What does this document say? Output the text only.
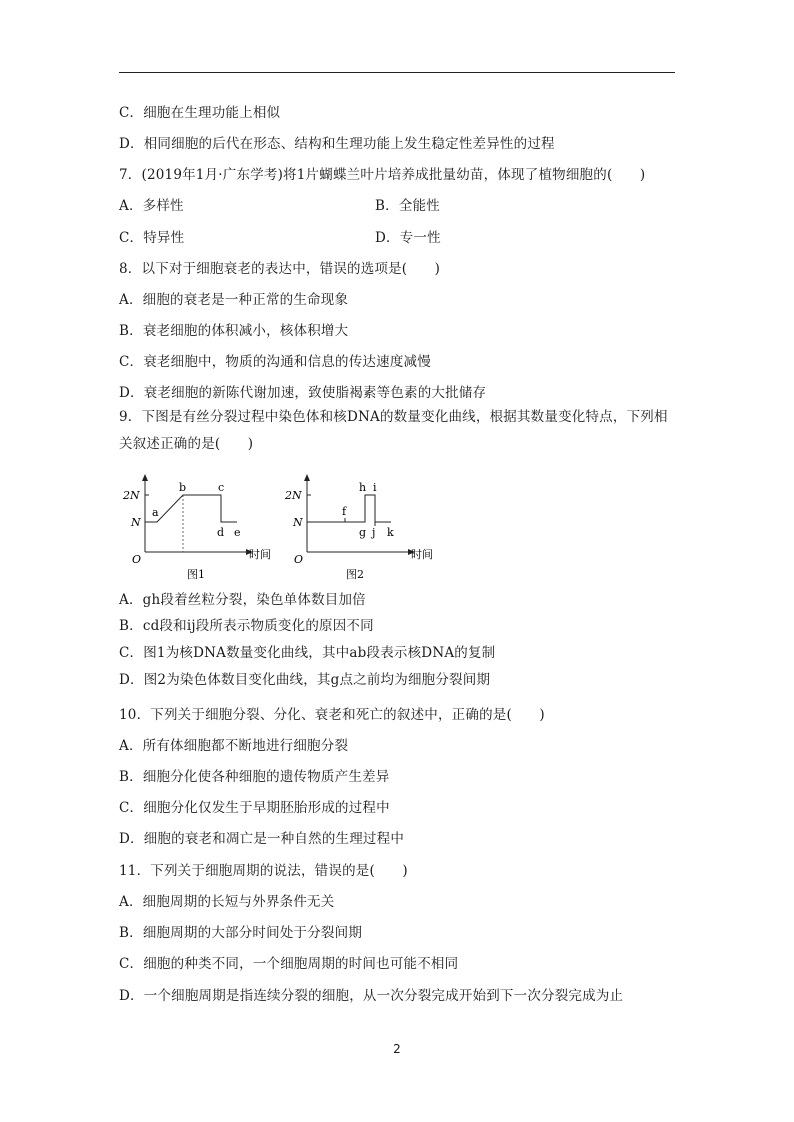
C．细胞在生理功能上相似
D．相同细胞的后代在形态、结构和生理功能上发生稳定性差异性的过程
7．(2019年1月·广东学考)将1片蝴蝶兰叶片培养成批量幼苗，体现了植物细胞的(　　)
A．多样性
C．特异性
8．以下对于细胞衰老的表达中，错误的选项是(　　)
A．细胞的衰老是一种正常的生命现象
B．衰老细胞的体积减小，核体积增大
C．衰老细胞中，物质的沟通和信息的传达速度减慢
D．衰老细胞的新陈代谢加速，致使脂褐素等色素的大批储存
9．下图是有丝分裂过程中染色体和核DNA的数量变化曲线，根据其数量变化特点，下列相
关叙述正确的是(　　)
A．gh段着丝粒分裂，染色单体数目加倍
B．cd段和ij段所表示物质变化的原因不同
C．图1为核DNA数量变化曲线，其中ab段表示核DNA的复制
D．图2为染色体数目变化曲线，其g点之前均为细胞分裂间期
10．下列关于细胞分裂、分化、衰老和死亡的叙述中，正确的是(　　)
A．所有体细胞都不断地进行细胞分裂
B．细胞分化使各种细胞的遗传物质产生差异
C．细胞分化仅发生于早期胚胎形成的过程中
D．细胞的衰老和凋亡是一种自然的生理过程中
11．下列关于细胞周期的说法，错误的是(　　)
A．细胞周期的长短与外界条件无关
B．细胞周期的大部分时间处于分裂间期
C．细胞的种类不同，一个细胞周期的时间也可能不相同
D．一个细胞周期是指连续分裂的细胞，从一次分裂完成开始到下一次分裂完成为止
B．全能性
D．专一性
2N
N
O
a
b	c
d e
时间
图1
2N
N
O
f
h i
g j k
时间
图2
2
